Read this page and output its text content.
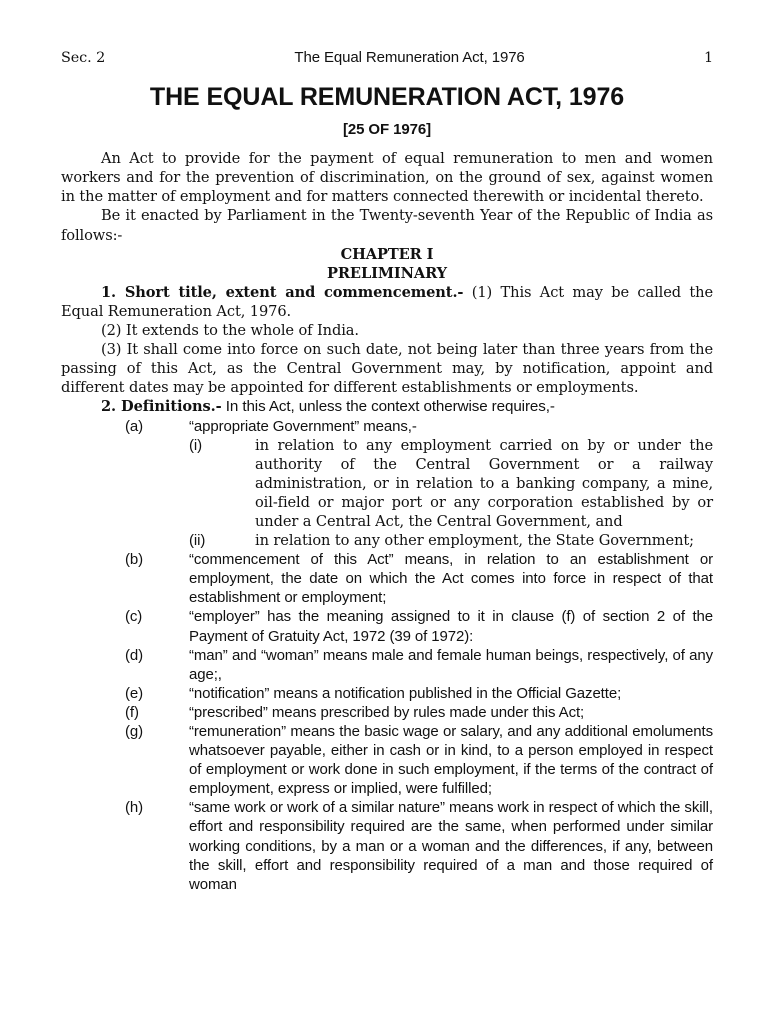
Sec. 2	The Equal Remuneration Act, 1976	1
THE EQUAL REMUNERATION ACT, 1976
[25 OF 1976]

An Act to provide for the payment of equal remuneration to men and women workers and for the prevention of discrimination, on the ground of sex, against women in the matter of employment and for matters connected therewith or incidental thereto.

Be it enacted by Parliament in the Twenty-seventh Year of the Republic of India as follows:-

CHAPTER I
PRELIMINARY

1. Short title, extent and commencement.- (1) This Act may be called the Equal Remuneration Act, 1976.

(2) It extends to the whole of India.

(3) It shall come into force on such date, not being later than three years from the passing of this Act, as the Central Government may, by notification, appoint and different dates may be appointed for different establishments or employments.

2. Definitions.- In this Act, unless the context otherwise requires,-

(a)	“appropriate Government” means,-
(i)	in relation to any employment carried on by or under the authority of the Central Government or a railway administration, or in relation to a banking company, a mine, oil-field or major port or any corporation established by or under a Central Act, the Central Government, and
(ii)	in relation to any other employment, the State Government;
(b)	“commencement of this Act” means, in relation to an establishment or employment, the date on which the Act comes into force in respect of that establishment or employment;
(c)	“employer” has the meaning assigned to it in clause (f) of section 2 of the Payment of Gratuity Act, 1972 (39 of 1972):
(d)	“man” and “woman” means male and female human beings, respectively, of any age;,
(e)	“notification” means a notification published in the Official Gazette;
(f)	“prescribed” means prescribed by rules made under this Act;
(g)	“remuneration” means the basic wage or salary, and any additional emoluments whatsoever payable, either in cash or in kind, to a person employed in respect of employment or work done in such employment, if the terms of the contract of employment, express or implied, were fulfilled;
(h)	“same work or work of a similar nature” means work in respect of which the skill, effort and responsibility required are the same, when performed under similar working conditions, by a man or a woman and the differences, if any, between the skill, effort and responsibility required of a man and those required of woman
